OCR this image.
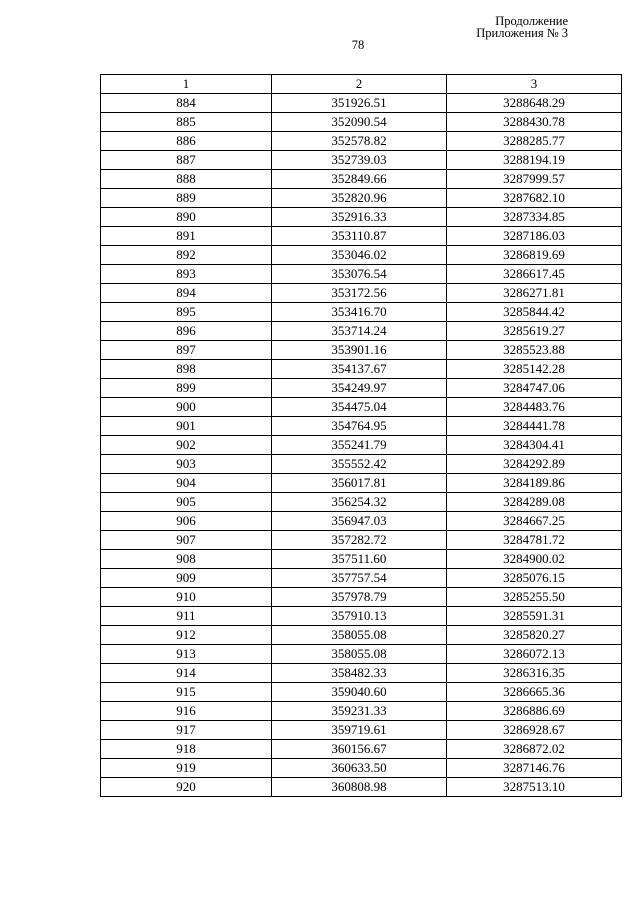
Продолжение
Приложения № 3
78
1	2	3
884	351926.51	3288648.29
885	352090.54	3288430.78
886	352578.82	3288285.77
887	352739.03	3288194.19
888	352849.66	3287999.57
889	352820.96	3287682.10
890	352916.33	3287334.85
891	353110.87	3287186.03
892	353046.02	3286819.69
893	353076.54	3286617.45
894	353172.56	3286271.81
895	353416.70	3285844.42
896	353714.24	3285619.27
897	353901.16	3285523.88
898	354137.67	3285142.28
899	354249.97	3284747.06
900	354475.04	3284483.76
901	354764.95	3284441.78
902	355241.79	3284304.41
903	355552.42	3284292.89
904	356017.81	3284189.86
905	356254.32	3284289.08
906	356947.03	3284667.25
907	357282.72	3284781.72
908	357511.60	3284900.02
909	357757.54	3285076.15
910	357978.79	3285255.50
911	357910.13	3285591.31
912	358055.08	3285820.27
913	358055.08	3286072.13
914	358482.33	3286316.35
915	359040.60	3286665.36
916	359231.33	3286886.69
917	359719.61	3286928.67
918	360156.67	3286872.02
919	360633.50	3287146.76
920	360808.98	3287513.10
